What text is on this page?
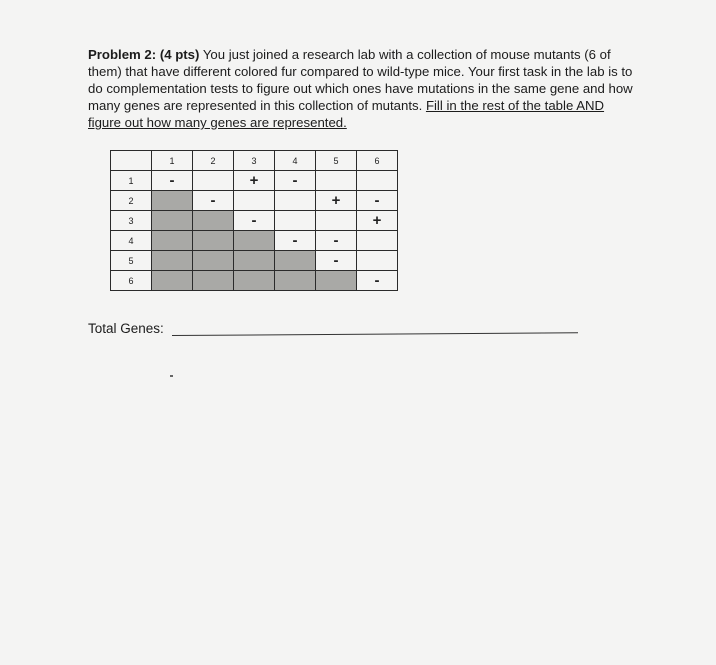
Problem 2: (4 pts) You just joined a research lab with a collection of mouse mutants (6 of them) that have different colored fur compared to wild-type mice. Your first task in the lab is to do complementation tests to figure out which ones have mutations in the same gene and how many genes are represented in this collection of mutants. Fill in the rest of the table AND figure out how many genes are represented.
	1	2	3	4	5	6
1	-		+	-		
2		-			+	-
3			-			+
4				-	-	
5					-	
6						-
Total Genes:
